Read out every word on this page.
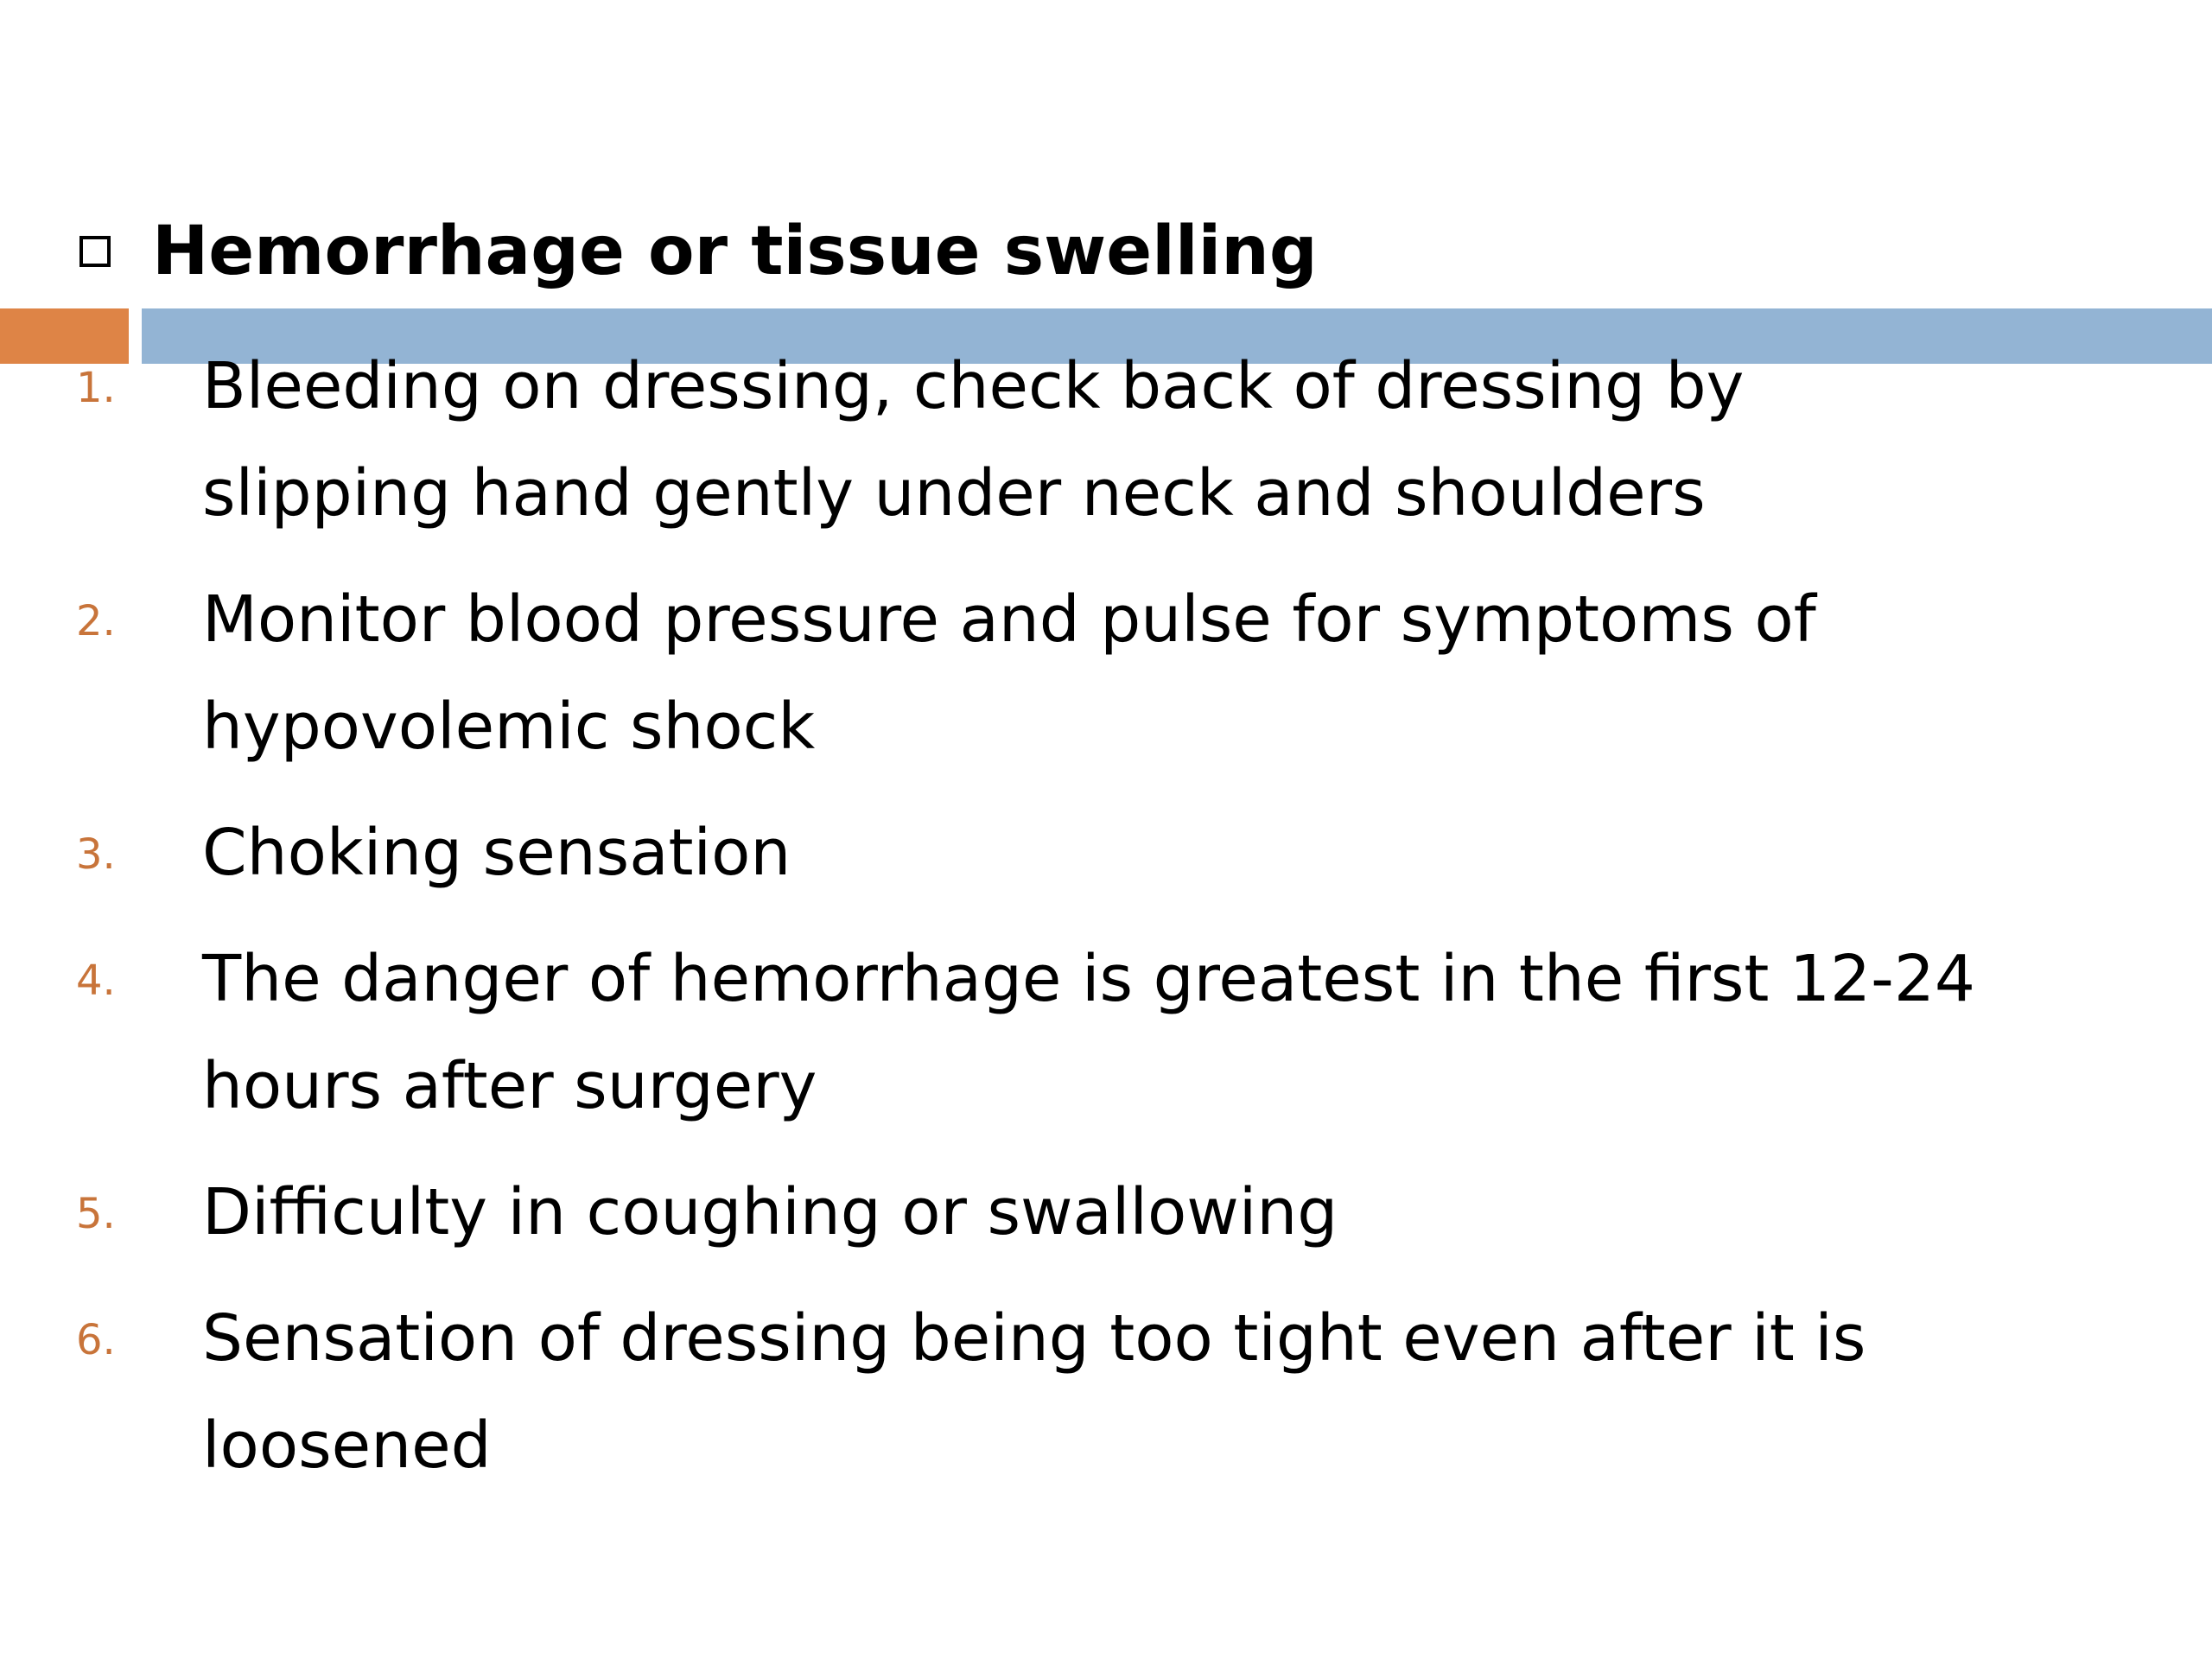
Hemorrhage or tissue swelling
1. Bleeding on dressing, check back of dressing by
slipping hand gently under neck and shoulders
2. Monitor blood pressure and pulse for symptoms of
hypovolemic shock
3. Choking sensation
4. The danger of hemorrhage is greatest in the first 12-24
hours after surgery
5. Difficulty in coughing or swallowing
6. Sensation of dressing being too tight even after it is
loosened
